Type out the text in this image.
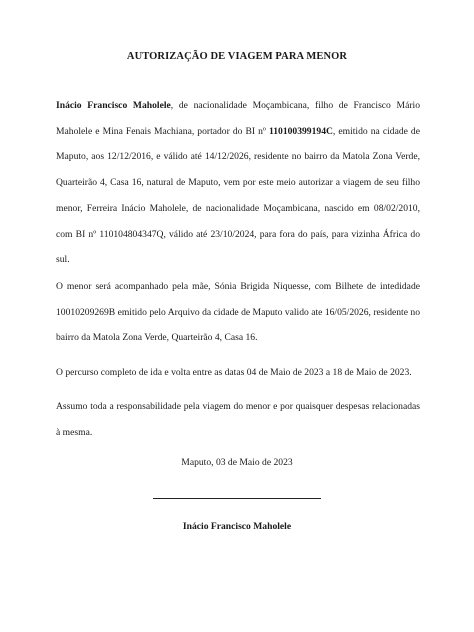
AUTORIZAÇÃO DE VIAGEM PARA MENOR

Inácio Francisco Maholele, de nacionalidade Moçambicana, filho de Francisco Mário Maholele e Mina Fenais Machiana, portador do BI nº 110100399194C, emitido na cidade de Maputo, aos 12/12/2016, e válido até 14/12/2026, residente no bairro da Matola Zona Verde, Quarteirão 4, Casa 16, natural de Maputo, vem por este meio autorizar a viagem de seu filho menor, Ferreira Inácio Maholele, de nacionalidade Moçambicana, nascido em 08/02/2010, com BI nº 110104804347Q, válido até 23/10/2024, para fora do país, para vizinha África do sul.

O menor será acompanhado pela mãe, Sónia Brigida Niquesse, com Bilhete de intedidade 1001020​9269B emitido pelo Arquivo da cidade de Maputo valido ate 16/05/2026, residente no bairro da Matola Zona Verde, Quarteirão 4, Casa 16.

O percurso completo de ida e volta entre as datas 04 de Maio de 2023 a 18 de Maio de 2023.

Assumo toda a responsabilidade pela viagem do menor e por quaisquer despesas relacionadas à mesma.

Maputo, 03 de Maio de 2023
Inácio Francisco Maholele
